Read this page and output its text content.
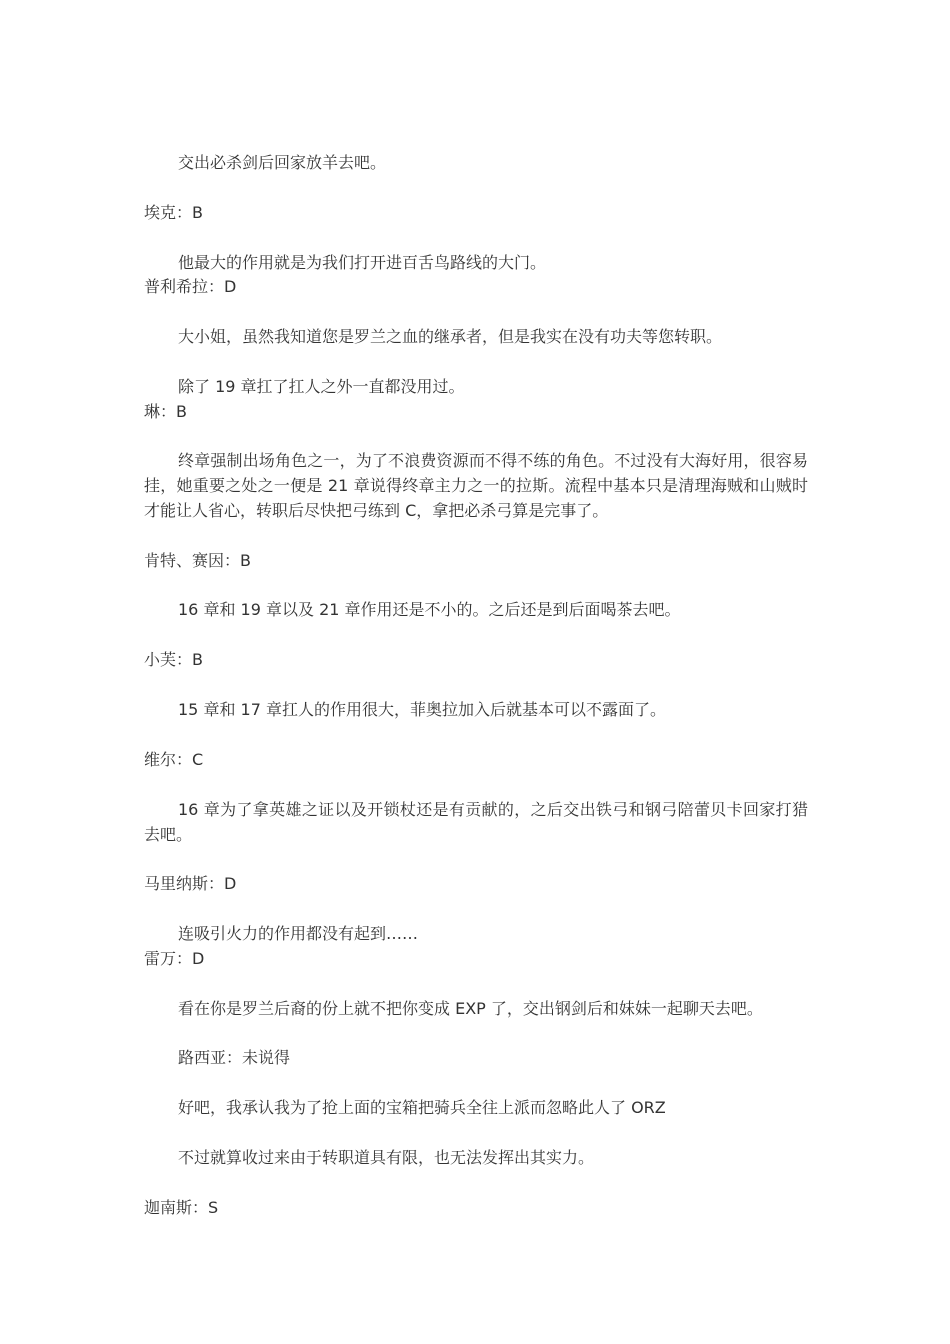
交出必杀剑后回家放羊去吧。
埃克：B
他最大的作用就是为我们打开进百舌鸟路线的大门。
普利希拉：D
大小姐，虽然我知道您是罗兰之血的继承者，但是我实在没有功夫等您转职。
除了 19 章扛了扛人之外一直都没用过。
琳：B
终章强制出场角色之一，为了不浪费资源而不得不练的角色。不过没有大海好用，很容易挂，她重要之处之一便是 21 章说得终章主力之一的拉斯。流程中基本只是清理海贼和山贼时才能让人省心，转职后尽快把弓练到 C，拿把必杀弓算是完事了。
肯特、赛因：B
16 章和 19 章以及 21 章作用还是不小的。之后还是到后面喝茶去吧。
小芙：B
15 章和 17 章扛人的作用很大，菲奥拉加入后就基本可以不露面了。
维尔：C
16 章为了拿英雄之证以及开锁杖还是有贡献的，之后交出铁弓和钢弓陪蕾贝卡回家打猎去吧。
马里纳斯：D
连吸引火力的作用都没有起到……
雷万：D
看在你是罗兰后裔的份上就不把你变成 EXP 了，交出钢剑后和妹妹一起聊天去吧。
路西亚：未说得
好吧，我承认我为了抢上面的宝箱把骑兵全往上派而忽略此人了 ORZ
不过就算收过来由于转职道具有限，也无法发挥出其实力。
迦南斯：S
